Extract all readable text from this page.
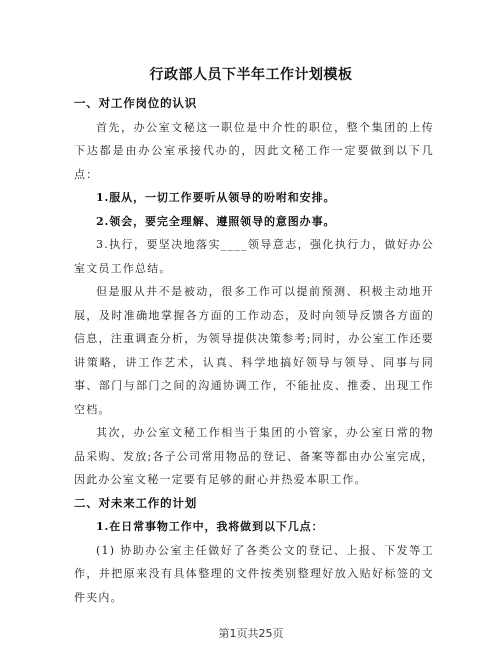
行政部人员下半年工作计划模板

一、对工作岗位的认识

首先，办公室文秘这一职位是中介性的职位，整个集团的上传下达都是由办公室承接代办的，因此文秘工作一定要做到以下几点：

1.服从，一切工作要听从领导的吩咐和安排。

2.领会，要完全理解、遵照领导的意图办事。

3.执行，要坚决地落实____领导意志，强化执行力，做好办公室文员工作总结。

但是服从并不是被动，很多工作可以提前预测、积极主动地开展，及时准确地掌握各方面的工作动态，及时向领导反馈各方面的信息，注重调查分析，为领导提供决策参考;同时，办公室工作还要讲策略，讲工作艺术，认真、科学地搞好领导与领导、同事与同事、部门与部门之间的沟通协调工作，不能扯皮、推委、出现工作空档。

其次，办公室文秘工作相当于集团的小管家，办公室日常的物品采购、发放;各子公司常用物品的登记、备案等都由办公室完成，因此办公室文秘一定要有足够的耐心并热爱本职工作。

二、对未来工作的计划

1.在日常事物工作中，我将做到以下几点：

(1) 协助办公室主任做好了各类公文的登记、上报、下发等工作，并把原来没有具体整理的文件按类别整理好放入贴好标签的文件夹内。

第1页共25页
